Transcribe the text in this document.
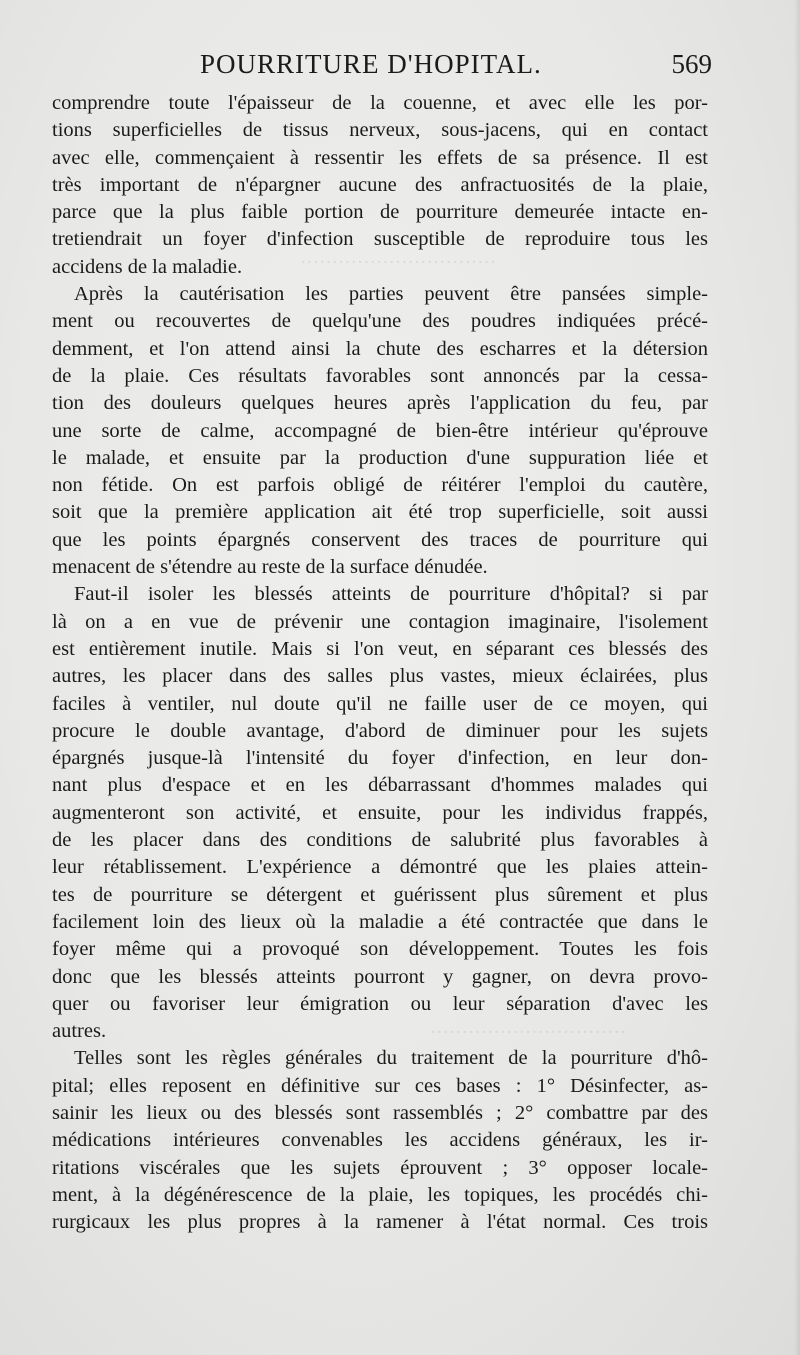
POURRITURE D'HOPITAL.	569
comprendre toute l'épaisseur de la couenne, et avec elle les por-
tions superficielles de tissus nerveux, sous-jacens, qui en contact
avec elle, commençaient à ressentir les effets de sa présence. Il est
très important de n'épargner aucune des anfractuosités de la plaie,
parce que la plus faible portion de pourriture demeurée intacte en-
tretiendrait un foyer d'infection susceptible de reproduire tous les
accidens de la maladie.
Après la cautérisation les parties peuvent être pansées simple-
ment ou recouvertes de quelqu'une des poudres indiquées précé-
demment, et l'on attend ainsi la chute des escharres et la détersion
de la plaie. Ces résultats favorables sont annoncés par la cessa-
tion des douleurs quelques heures après l'application du feu, par
une sorte de calme, accompagné de bien-être intérieur qu'éprouve
le malade, et ensuite par la production d'une suppuration liée et
non fétide. On est parfois obligé de réitérer l'emploi du cautère,
soit que la première application ait été trop superficielle, soit aussi
que les points épargnés conservent des traces de pourriture qui
menacent de s'étendre au reste de la surface dénudée.
Faut-il isoler les blessés atteints de pourriture d'hôpital? si par
là on a en vue de prévenir une contagion imaginaire, l'isolement
est entièrement inutile. Mais si l'on veut, en séparant ces blessés des
autres, les placer dans des salles plus vastes, mieux éclairées, plus
faciles à ventiler, nul doute qu'il ne faille user de ce moyen, qui
procure le double avantage, d'abord de diminuer pour les sujets
épargnés jusque-là l'intensité du foyer d'infection, en leur don-
nant plus d'espace et en les débarrassant d'hommes malades qui
augmenteront son activité, et ensuite, pour les individus frappés,
de les placer dans des conditions de salubrité plus favorables à
leur rétablissement. L'expérience a démontré que les plaies attein-
tes de pourriture se détergent et guérissent plus sûrement et plus
facilement loin des lieux où la maladie a été contractée que dans le
foyer même qui a provoqué son développement. Toutes les fois
donc que les blessés atteints pourront y gagner, on devra provo-
quer ou favoriser leur émigration ou leur séparation d'avec les
autres.
Telles sont les règles générales du traitement de la pourriture d'hô-
pital; elles reposent en définitive sur ces bases : 1° Désinfecter, as-
sainir les lieux ou des blessés sont rassemblés ; 2° combattre par des
médications intérieures convenables les accidens généraux, les ir-
ritations viscérales que les sujets éprouvent ; 3° opposer locale-
ment, à la dégénérescence de la plaie, les topiques, les procédés chi-
rurgicaux les plus propres à la ramener à l'état normal. Ces trois
·······························
·······························
